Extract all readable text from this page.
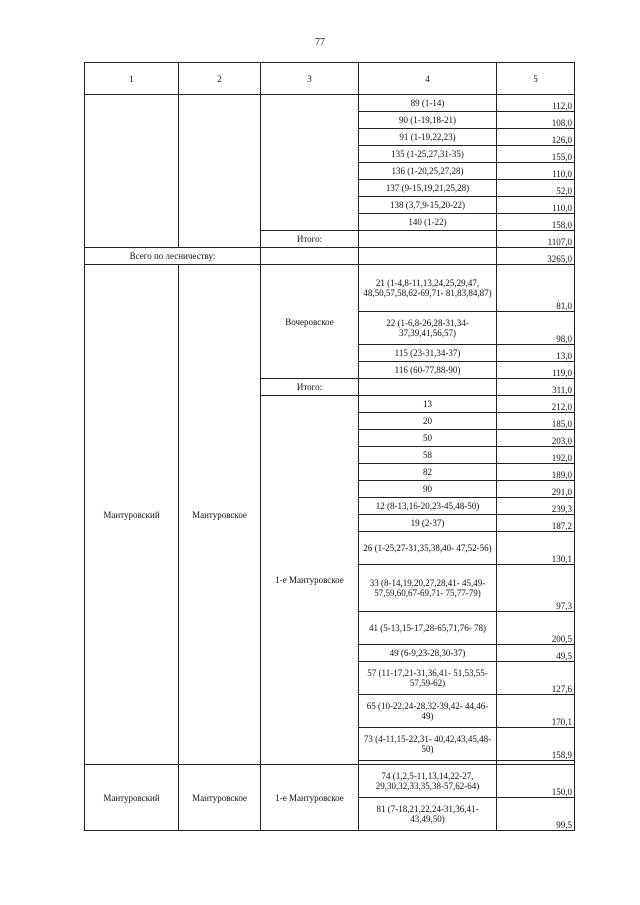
77
1	2	3	4	5
			89 (1-14)	112,0
			90 (1-19,18-21)	108,0
			91 (1-19,22,23)	126,0
			135 (1-25,27,31-35)	155,0
			136 (1-20,25,27,28)	110,0
			137 (9-15,19,21,25,28)	52,0
			138 (3,7,9-15,20-22)	110,0
			140 (1-22)	158,0
		Итого:		1107,0
Всего по лесничеству:				3265,0
Мантуровский	Мантуровское	Вочеровское	21 (1-4,8-11,13,24,25,29,47, 48,50,57,58,62-69,71- 81,83,84,87)	81,0
			22 (1-6,8-26,28-31,34- 37,39,41,56,57)	98,0
			115 (23-31,34-37)	13,0
			116 (60-77,88-90)	119,0
		Итого:		311,0
		1-е Мантуровское	13	212,0
			20	185,0
			50	203,0
			58	192,0
			82	189,0
			90	291,0
			12 (8-13,16-20,23-45,48-50)	239,3
			19 (2-37)	187,2
			26 (1-25,27-31,35,38,40- 47,52-56)	130,1
			33 (8-14,19,20,27,28,41- 45,49-57,59,60,67-69,71- 75,77-79)	97,3
			41 (5-13,15-17,28-65,71,76- 78)	200,5
			49 (6-9,23-28,30-37)	49,5
			57 (11-17,21-31,36,41- 51,53,55-57,59-62)	127,6
			65 (10-22,24-28,32-39,42- 44,46-49)	170,1
			73 (4-11,15-22,31- 40,42,43,45,48-50)	158,9

Мантуровский	Мантуровское	1-е Мантуровское	74 (1,2,5-11,13,14,22-27, 29,30,32,33,35,38-57,62-64)	150,0
			81 (7-18,21,22,24-31,36,41- 43,49,50)	99,5
